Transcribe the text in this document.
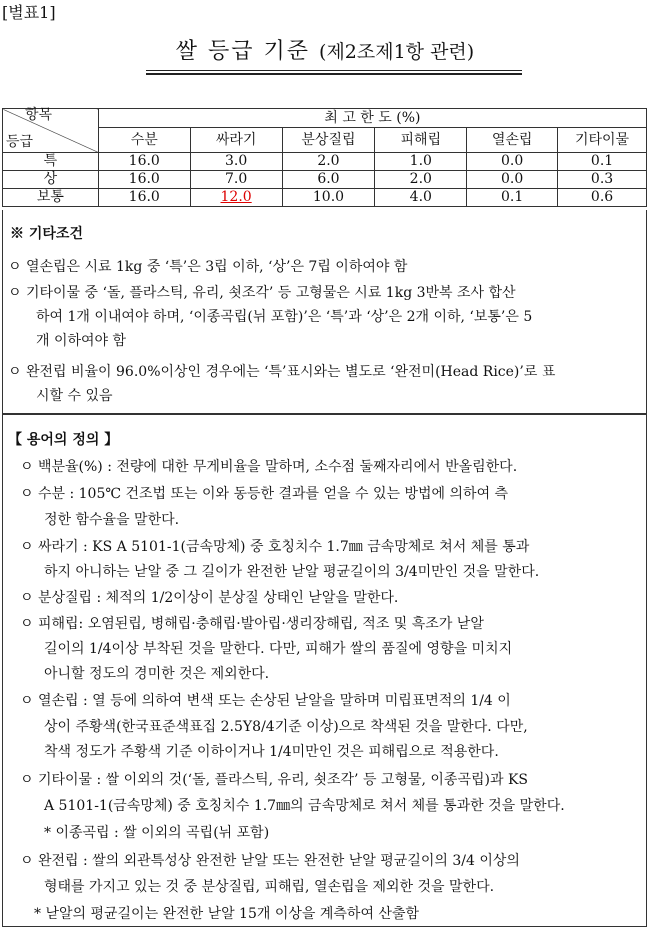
[별표1]
쌀 등급 기준 (제2조제1항 관련)
항목
등급	최 고 한 도 (%)					
	수분	싸라기	분상질립	피해립	열손립	기타이물
특	16.0	3.0	2.0	1.0	0.0	0.1
상	16.0	7.0	6.0	2.0	0.0	0.3
보통	16.0	12.0	10.0	4.0	0.1	0.6
※ 기타조건
ㅇ 열손립은 시료 1kg 중 ‘특’은 3립 이하, ‘상’은 7립 이하여야 함
ㅇ 기타이물 중 ‘돌, 플라스틱, 유리, 쇳조각’ 등 고형물은 시료 1kg 3반복 조사 합산
하여 1개 이내여야 하며, ‘이종곡립(뉘 포함)’은 ‘특’과 ‘상’은 2개 이하, ‘보통’은 5
개 이하여야 함
ㅇ 완전립 비율이 96.0%이상인 경우에는 ‘특’표시와는 별도로 ‘완전미(Head Rice)’로 표
시할 수 있음
【 용어의 정의 】
ㅇ 백분율(%) : 전량에 대한 무게비율을 말하며, 소수점 둘째자리에서 반올림한다.
ㅇ 수분 : 105℃ 건조법 또는 이와 동등한 결과를 얻을 수 있는 방법에 의하여 측
정한 함수율을 말한다.
ㅇ 싸라기 : KS A 5101-1(금속망체) 중 호칭치수 1.7㎜ 금속망체로 쳐서 체를 통과
하지 아니하는 낟알 중 그 길이가 완전한 낟알 평균길이의 3/4미만인 것을 말한다.
ㅇ 분상질립 : 체적의 1/2이상이 분상질 상태인 낟알을 말한다.
ㅇ 피해립: 오염된립, 병해립·충해립·발아립·생리장해립, 적조 및 흑조가 낟알
길이의 1/4이상 부착된 것을 말한다. 다만, 피해가 쌀의 품질에 영향을 미치지
아니할 정도의 경미한 것은 제외한다.
ㅇ 열손립 : 열 등에 의하여 변색 또는 손상된 낟알을 말하며 미립표면적의 1/4 이
상이 주황색(한국표준색표집 2.5Y8/4기준 이상)으로 착색된 것을 말한다. 다만,
착색 정도가 주황색 기준 이하이거나 1/4미만인 것은 피해립으로 적용한다.
ㅇ 기타이물 : 쌀 이외의 것(‘돌, 플라스틱, 유리, 쇳조각’ 등 고형물, 이종곡립)과 KS
A 5101-1(금속망체) 중 호칭치수 1.7㎜의 금속망체로 쳐서 체를 통과한 것을 말한다.
* 이종곡립 : 쌀 이외의 곡립(뉘 포함)
ㅇ 완전립 : 쌀의 외관특성상 완전한 낟알 또는 완전한 낟알 평균길이의 3/4 이상의
형태를 가지고 있는 것 중 분상질립, 피해립, 열손립을 제외한 것을 말한다.
* 낟알의 평균길이는 완전한 낟알 15개 이상을 계측하여 산출함
